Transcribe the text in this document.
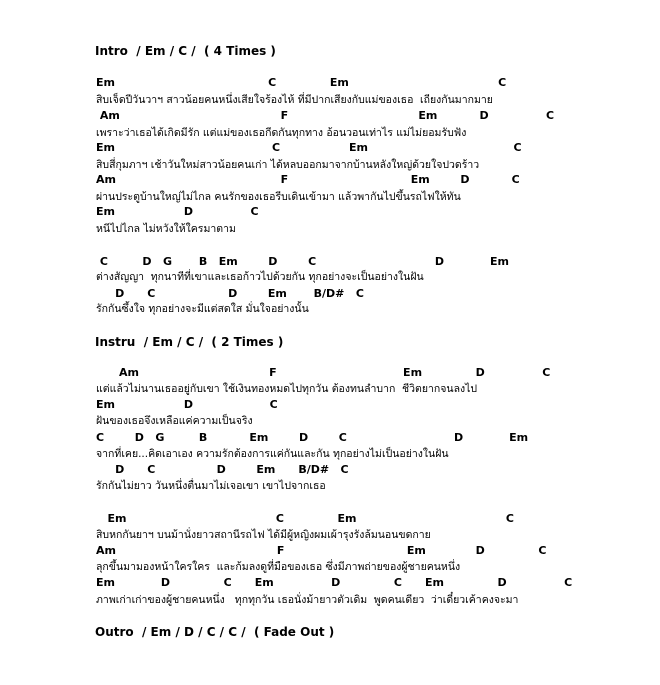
Intro  / Em / C /  ( 4 Times )
Em                                        C              Em                                       C
สิบเจ็ดปีวันวาฯ สาวน้อยคนหนึ่งเสียใจร้องไห้ ที่มีปากเสียงกับแม่ของเธอ  เถียงกันมากมาย
Am                                          F                                  Em           D               C
เพราะว่าเธอได้เกิดมีรัก แต่แม่ของเธอกีดกันทุกทาง อ้อนวอนเท่าไร แม่ไม่ยอมรับฟัง
Em                                         C                  Em                                      C
สิบสี่กุมภาฯ เช้าวันใหม่สาวน้อยคนเก่า ได้หลบออกมาจากบ้านหลังใหญ่ด้วยใจปวดร้าว
Am                                           F                                Em        D           C
ผ่านประตูบ้านใหญ่ไม่ไกล คนรักของเธอรีบเดินเข้ามา แล้วพากันไปขึ้นรถไฟให้ทัน
Em                  D               C
หนีไปไกล ไม่หวังให้ใครมาตาม
C         D   G       B   Em        D        C                               D            Em
ต่างสัญญา  ทุกนาทีที่เขาและเธอก้าวไปด้วยกัน ทุกอย่างจะเป็นอย่างในฝัน
D      C                   D        Em       B/D#   C
รักกันซึ้งใจ ทุกอย่างจะมีแต่สดใส มั่นใจอย่างนั้น
Instru  / Em / C /  ( 2 Times )
Am                                  F                                 Em              D               C
แต่แล้วไม่นานเธออยู่กับเขา ใช้เงินทองหมดไปทุกวัน ต้องทนลำบาก  ชีวิตยากจนลงไป
Em                  D                    C
ฝันของเธอจึงเหลือแค่ความเป็นจริง
C        D   G         B           Em        D        C                            D            Em
จากที่เคย...คิดเอาเอง ความรักต้องการแค่กันและกัน ทุกอย่างไม่เป็นอย่างในฝัน
D      C                D        Em      B/D#   C
รักกันไม่ยาว วันหนึ่งตื่นมาไม่เจอเขา เขาไปจากเธอ
Em                                       C              Em                                       C
สิบหกกันยาฯ บนม้านั่งยาวสถานีรถไฟ ได้มีผู้หญิงผมเผ้ารุงรังล้มนอนขดกาย
Am                                          F                                Em             D              C
ลุกขึ้นมามองหน้าใครใคร  และก้มลงดูที่มือของเธอ ซึ่งมีภาพถ่ายของผู้ชายคนหนึ่ง
Em            D              C      Em               D              C      Em              D               C
ภาพเก่าเก่าของผู้ชายคนหนึ่ง   ทุกทุกวัน เธอนั่งม้ายาวตัวเดิม  พูดคนเดียว  ว่าเดี๋ยวเค้าคงจะมา
Outro  / Em / D / C / C /  ( Fade Out )
